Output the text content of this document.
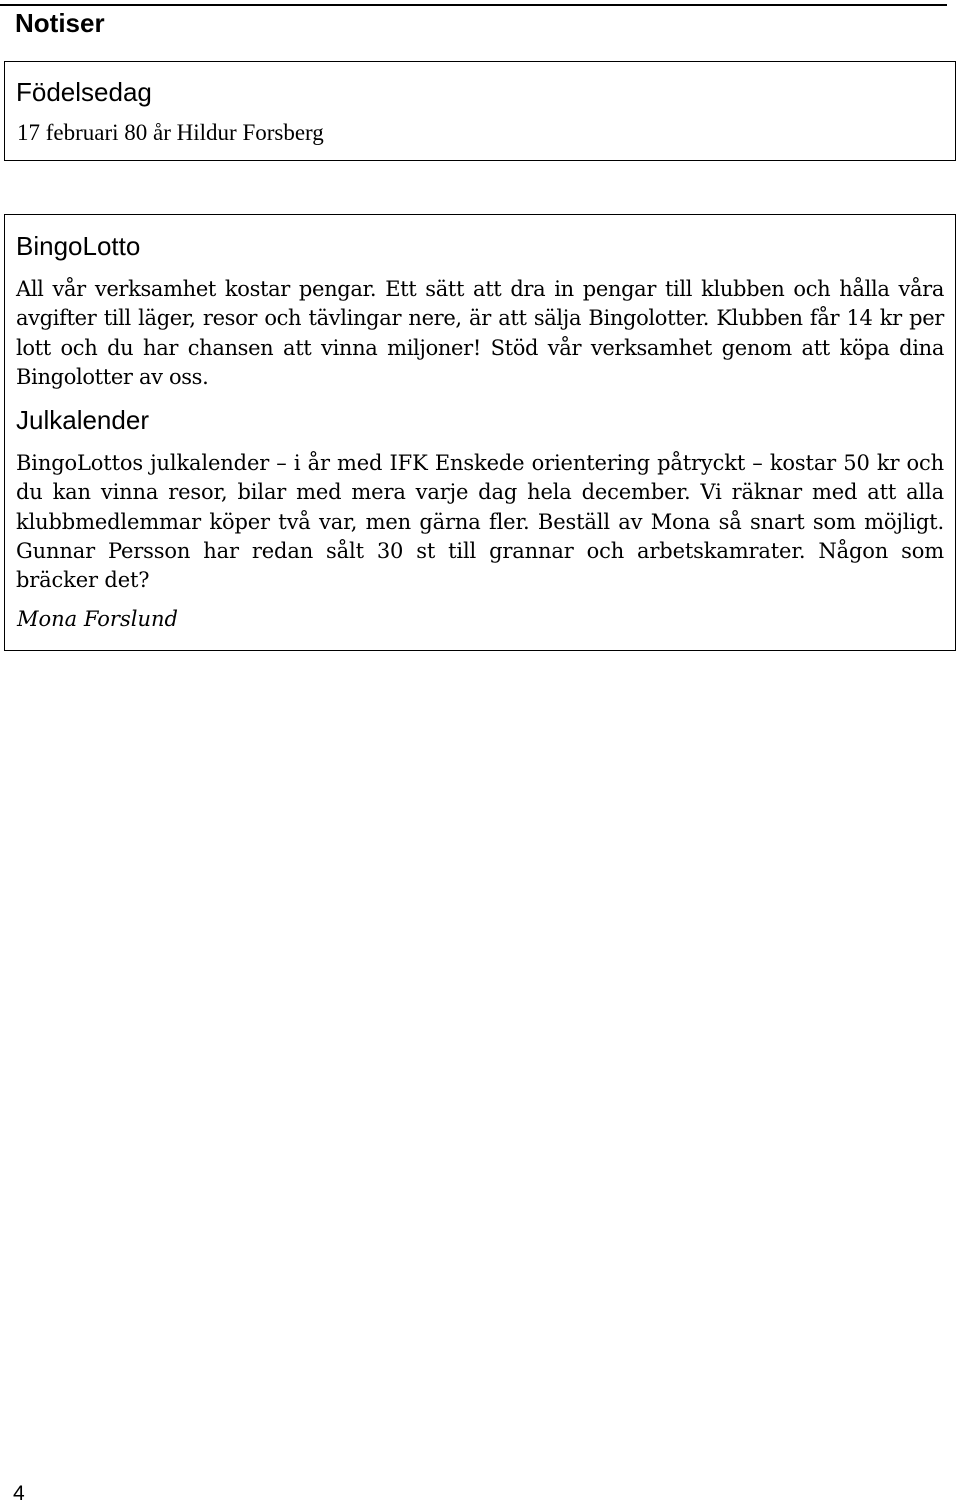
Notiser
Födelsedag

17 februari 80 år Hildur Forsberg

BingoLotto

All vår verksamhet kostar pengar. Ett sätt att dra in pengar till klubben och hålla våra avgifter till läger, resor och tävlingar nere, är att sälja Bingolotter. Klubben får 14 kr per lott och du har chansen att vinna miljoner! Stöd vår verksamhet genom att köpa dina Bingolotter av oss.

Julkalender

BingoLottos julkalender – i år med IFK Enskede orientering påtryckt – kostar 50 kr och du kan vinna resor, bilar med mera varje dag hela december. Vi räknar med att alla klubbmedlemmar köper två var, men gärna fler. Beställ av Mona så snart som möjligt. Gunnar Persson har redan sålt 30 st till grannar och arbetskamrater. Någon som bräcker det?

Mona Forslund

4
